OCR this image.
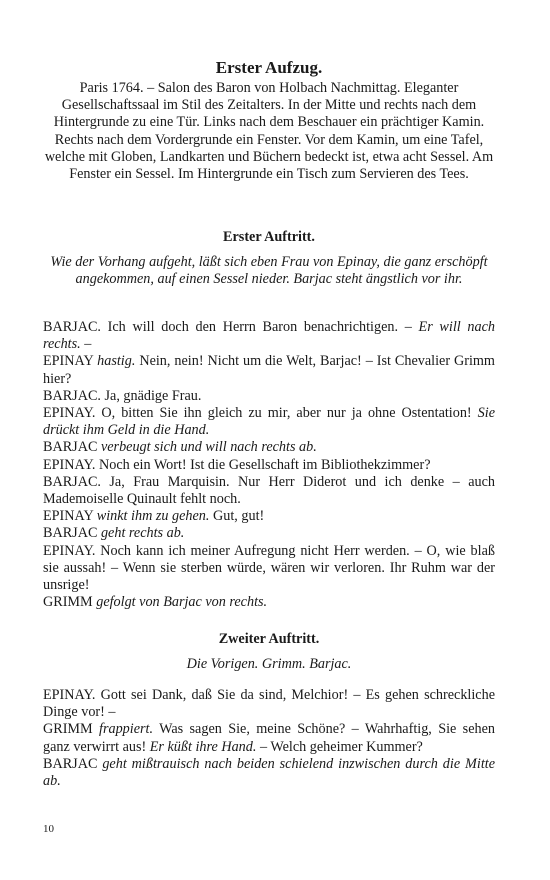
Erster Aufzug.
Paris 1764. – Salon des Baron von Holbach Nachmittag. Eleganter Gesellschaftssaal im Stil des Zeitalters. In der Mitte und rechts nach dem Hintergrunde zu eine Tür. Links nach dem Beschauer ein prächtiger Kamin. Rechts nach dem Vordergrunde ein Fenster. Vor dem Kamin, um eine Tafel, welche mit Globen, Landkarten und Büchern bedeckt ist, etwa acht Sessel. Am Fenster ein Sessel. Im Hintergrunde ein Tisch zum Servieren des Tees.
Erster Auftritt.
Wie der Vorhang aufgeht, läßt sich eben Frau von Epinay, die ganz erschöpft angekommen, auf einen Sessel nieder. Barjac steht ängstlich vor ihr.

BARJAC. Ich will doch den Herrn Baron benachrichtigen. – Er will nach rechts. –

EPINAY hastig. Nein, nein! Nicht um die Welt, Barjac! – Ist Chevalier Grimm hier?

BARJAC. Ja, gnädige Frau.

EPINAY. O, bitten Sie ihn gleich zu mir, aber nur ja ohne Ostentation! Sie drückt ihm Geld in die Hand.

BARJAC verbeugt sich und will nach rechts ab.

EPINAY. Noch ein Wort! Ist die Gesellschaft im Bibliothekzimmer?

BARJAC. Ja, Frau Marquisin. Nur Herr Diderot und ich denke – auch Mademoiselle Quinault fehlt noch.

EPINAY winkt ihm zu gehen. Gut, gut!

BARJAC geht rechts ab.

EPINAY. Noch kann ich meiner Aufregung nicht Herr werden. – O, wie blaß sie aussah! – Wenn sie sterben würde, wären wir verloren. Ihr Ruhm war der unsrige!

GRIMM gefolgt von Barjac von rechts.

Zweiter Auftritt.
Die Vorigen. Grimm. Barjac.

EPINAY. Gott sei Dank, daß Sie da sind, Melchior! – Es gehen schreckliche Dinge vor! –

GRIMM frappiert. Was sagen Sie, meine Schöne? – Wahrhaftig, Sie sehen ganz verwirrt aus! Er küßt ihre Hand. – Welch geheimer Kummer?

BARJAC geht mißtrauisch nach beiden schielend inzwischen durch die Mitte ab.

10
